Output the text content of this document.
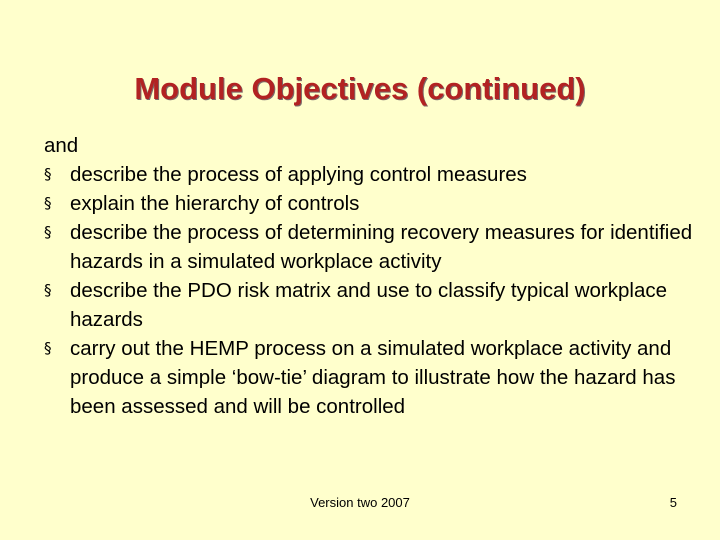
Module Objectives (continued)

and

§ describe the process of applying control measures
§ explain the hierarchy of controls
§ describe the process of determining recovery measures for identified hazards in a simulated workplace activity
§ describe the PDO risk matrix and use to classify typical workplace hazards
§ carry out the HEMP process on a simulated workplace activity and produce a simple ‘bow-tie’ diagram to illustrate how the hazard has been assessed and will be controlled
Version two 2007	5
